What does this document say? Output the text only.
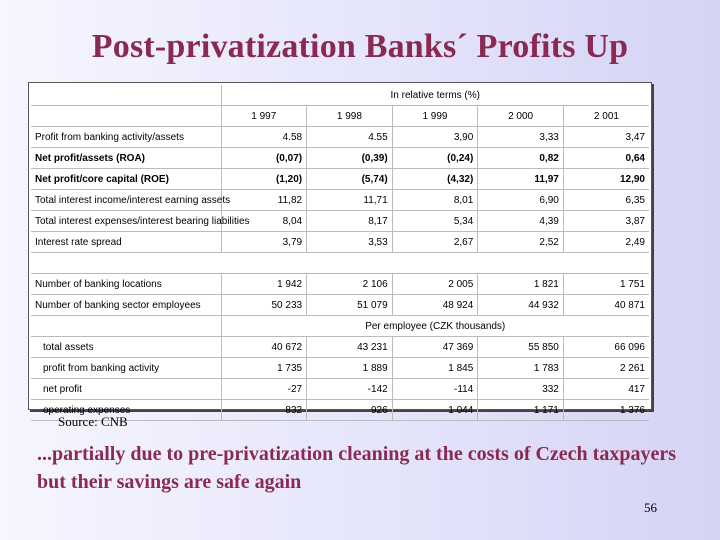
Post-privatization Banks´ Profits Up
	In relative terms (%)				
	1 997	1 998	1 999	2 000	2 001
Profit from banking activity/assets	4.58	4.55	3,90	3,33	3,47
Net profit/assets (ROA)	(0,07)	(0,39)	(0,24)	0,82	0,64
Net profit/core capital (ROE)	(1,20)	(5,74)	(4,32)	11,97	12,90
Total interest income/interest earning assets	11,82	11,71	8,01	6,90	6,35
Total interest expenses/interest bearing liabilities	8,04	8,17	5,34	4,39	3,87
Interest rate spread	3,79	3,53	2,67	2,52	2,49

Number of banking locations	1 942	2 106	2 005	1 821	1 751
Number of banking sector employees	50 233	51 079	48 924	44 932	40 871
	Per employee (CZK thousands)				
total assets	40 672	43 231	47 369	55 850	66 096
profit from banking activity	1 735	1 889	1 845	1 783	2 261
net profit	-27	-142	-114	332	417
operating expenses	832	926	1 044	1 171	1 376
Source: CNB
...partially due to pre-privatization cleaning at the costs of Czech taxpayers but their savings are safe again
56
